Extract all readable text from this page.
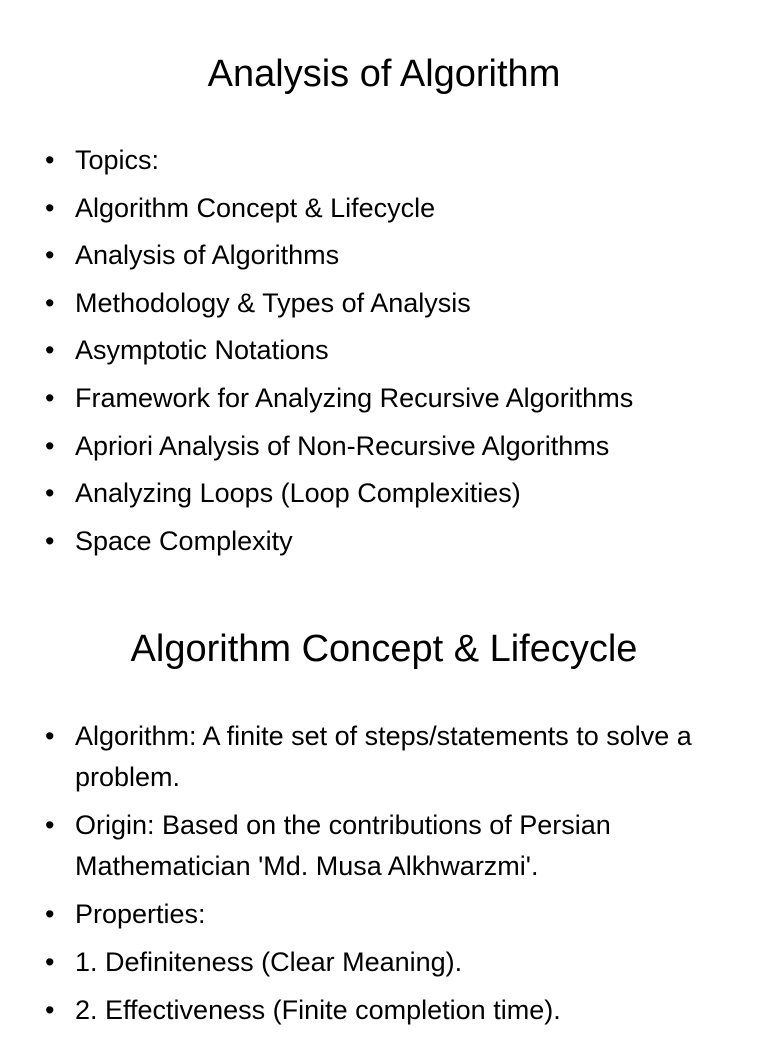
Analysis of Algorithm
• Topics:
• Algorithm Concept & Lifecycle
• Analysis of Algorithms
• Methodology & Types of Analysis
• Asymptotic Notations
• Framework for Analyzing Recursive Algorithms
• Apriori Analysis of Non-Recursive Algorithms
• Analyzing Loops (Loop Complexities)
• Space Complexity
Algorithm Concept & Lifecycle
• Algorithm: A finite set of steps/statements to solve a problem.
• Origin: Based on the contributions of Persian Mathematician 'Md. Musa Alkhwarzmi'.
• Properties:
• 1. Definiteness (Clear Meaning).
• 2. Effectiveness (Finite completion time).
